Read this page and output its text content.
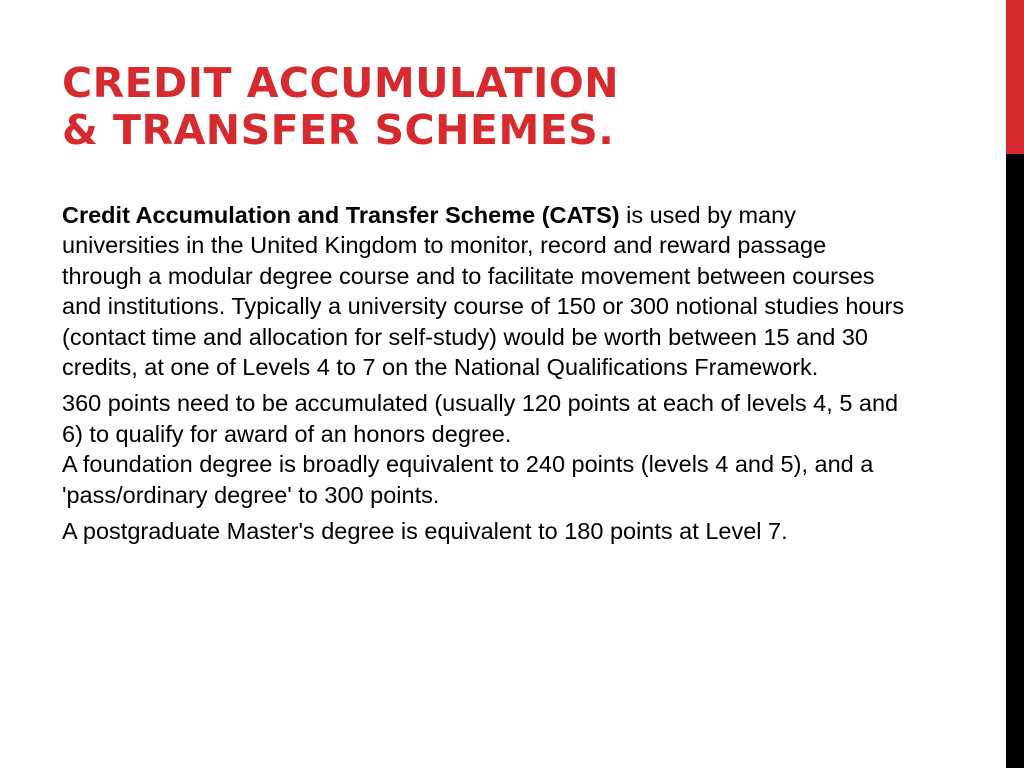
CREDIT ACCUMULATION
& TRANSFER SCHEMES.

Credit Accumulation and Transfer Scheme (CATS) is used by many universities in the United Kingdom to monitor, record and reward passage through a modular degree course and to facilitate movement between courses and institutions. Typically a university course of 150 or 300 notional studies hours (contact time and allocation for self-study) would be worth between 15 and 30 credits, at one of Levels 4 to 7 on the National Qualifications Framework.

360 points need to be accumulated (usually 120 points at each of levels 4, 5 and 6) to qualify for award of an honors degree.

A foundation degree is broadly equivalent to 240 points (levels 4 and 5), and a 'pass/ordinary degree' to 300 points.

A postgraduate Master's degree is equivalent to 180 points at Level 7.
